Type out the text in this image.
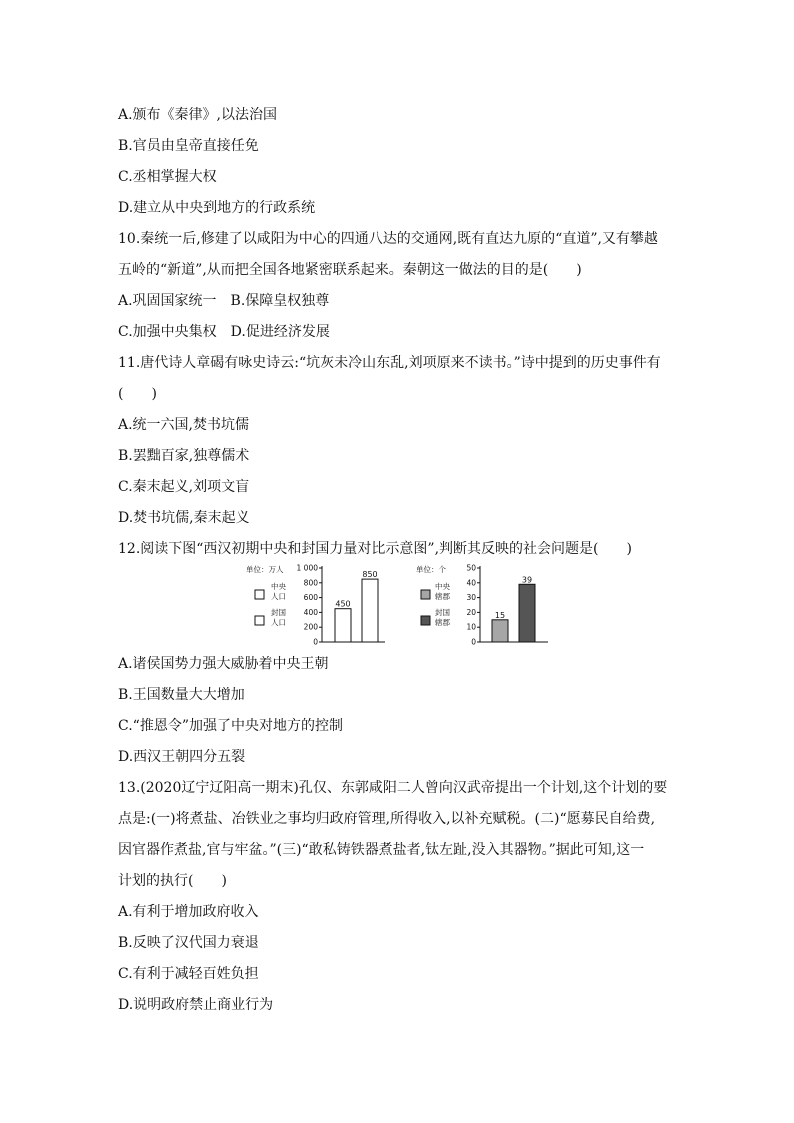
A.颁布《秦律》,以法治国
B.官员由皇帝直接任免
C.丞相掌握大权
D.建立从中央到地方的行政系统
10.秦统一后,修建了以咸阳为中心的四通八达的交通网,既有直达九原的“直道”,又有攀越
五岭的“新道”,从而把全国各地紧密联系起来。秦朝这一做法的目的是(　　)
A.巩固国家统一　B.保障皇权独尊
C.加强中央集权　D.促进经济发展
11.唐代诗人章碣有咏史诗云:“坑灰未冷山东乱,刘项原来不读书。”诗中提到的历史事件有
(　　)
A.统一六国,焚书坑儒
B.罢黜百家,独尊儒术
C.秦末起义,刘项文盲
D.焚书坑儒,秦末起义
12.阅读下图“西汉初期中央和封国力量对比示意图”,判断其反映的社会问题是(　　)
单位：万人
中央
人口
封国
人口
0
200
400
600
800
1 000
450
850
单位：个
中央
辖郡
封国
辖郡
0
10
20
30
40
50
15
39
A.诸侯国势力强大威胁着中央王朝
B.王国数量大大增加
C.“推恩令”加强了中央对地方的控制
D.西汉王朝四分五裂
13.(2020辽宁辽阳高一期末)孔仅、东郭咸阳二人曾向汉武帝提出一个计划,这个计划的要
点是:(一)将煮盐、冶铁业之事均归政府管理,所得收入,以补充赋税。(二)“愿募民自给费,
因官器作煮盐,官与牢盆。”(三)“敢私铸铁器煮盐者,钛左趾,没入其器物。”据此可知,这一
计划的执行(　　)
A.有利于增加政府收入
B.反映了汉代国力衰退
C.有利于减轻百姓负担
D.说明政府禁止商业行为
